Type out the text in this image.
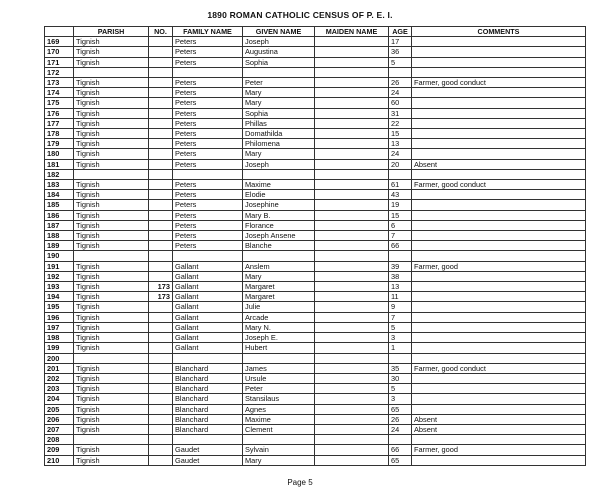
1890 ROMAN CATHOLIC CENSUS OF P. E. I.
	PARISH	NO.	FAMILY NAME	GIVEN NAME	MAIDEN NAME	AGE	COMMENTS
169	Tignish		Peters	Joseph		17	
170	Tignish		Peters	Augustina		36	
171	Tignish		Peters	Sophia		5	
172							
173	Tignish		Peters	Peter		26	Farmer, good conduct
174	Tignish		Peters	Mary		24	
175	Tignish		Peters	Mary		60	
176	Tignish		Peters	Sophia		31	
177	Tignish		Peters	Phillas		22	
178	Tignish		Peters	Domathilda		15	
179	Tignish		Peters	Philomena		13	
180	Tignish		Peters	Mary		24	
181	Tignish		Peters	Joseph		20	Absent
182							
183	Tignish		Peters	Maxime		61	Farmer, good conduct
184	Tignish		Peters	Elodie		43	
185	Tignish		Peters	Josephine		19	
186	Tignish		Peters	Mary B.		15	
187	Tignish		Peters	Florance		6	
188	Tignish		Peters	Joseph Ansene		7	
189	Tignish		Peters	Blanche		66	
190							
191	Tignish		Gallant	Anslem		39	Farmer, good
192	Tignish		Gallant	Mary		38	
193	Tignish	173	Gallant	Margaret		13	
194	Tignish	173	Gallant	Margaret		11	
195	Tignish		Gallant	Julie		9	
196	Tignish		Gallant	Arcade		7	
197	Tignish		Gallant	Mary N.		5	
198	Tignish		Gallant	Joseph E.		3	
199	Tignish		Gallant	Hubert		1	
200							
201	Tignish		Blanchard	James		35	Farmer, good conduct
202	Tignish		Blanchard	Ursule		30	
203	Tignish		Blanchard	Peter		5	
204	Tignish		Blanchard	Stansilaus		3	
205	Tignish		Blanchard	Agnes		65	
206	Tignish		Blanchard	Maxime		26	Absent
207	Tignish		Blanchard	Clement		24	Absent
208							
209	Tignish		Gaudet	Sylvain		66	Farmer, good
210	Tignish		Gaudet	Mary		65	
Page 5
